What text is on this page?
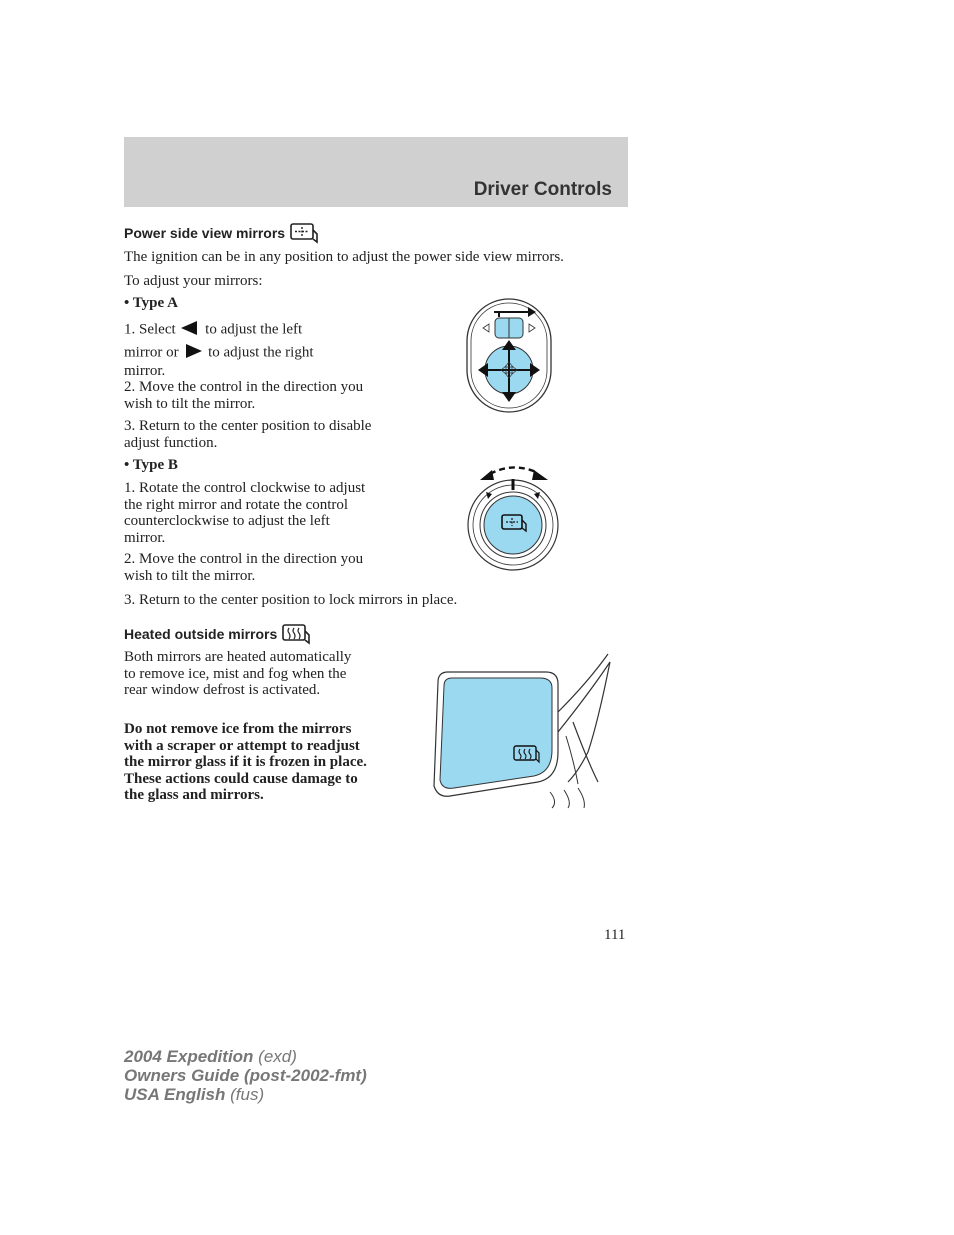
Driver Controls
Power side view mirrors
The ignition can be in any position to adjust the power side view mirrors.
To adjust your mirrors:
• Type A
1. Select to adjust the left
mirror or to adjust the right
mirror.
2. Move the control in the direction you wish to tilt the mirror.
3. Return to the center position to disable adjust function.
• Type B
1. Rotate the control clockwise to adjust the right mirror and rotate the control counterclockwise to adjust the left mirror.
2. Move the control in the direction you wish to tilt the mirror.
3. Return to the center position to lock mirrors in place.
Heated outside mirrors
Both mirrors are heated automatically to remove ice, mist and fog when the rear window defrost is activated.
Do not remove ice from the mirrors with a scraper or attempt to readjust the mirror glass if it is frozen in place. These actions could cause damage to the glass and mirrors.
111
2004 Expedition (exd)
Owners Guide (post-2002-fmt)
USA English (fus)
